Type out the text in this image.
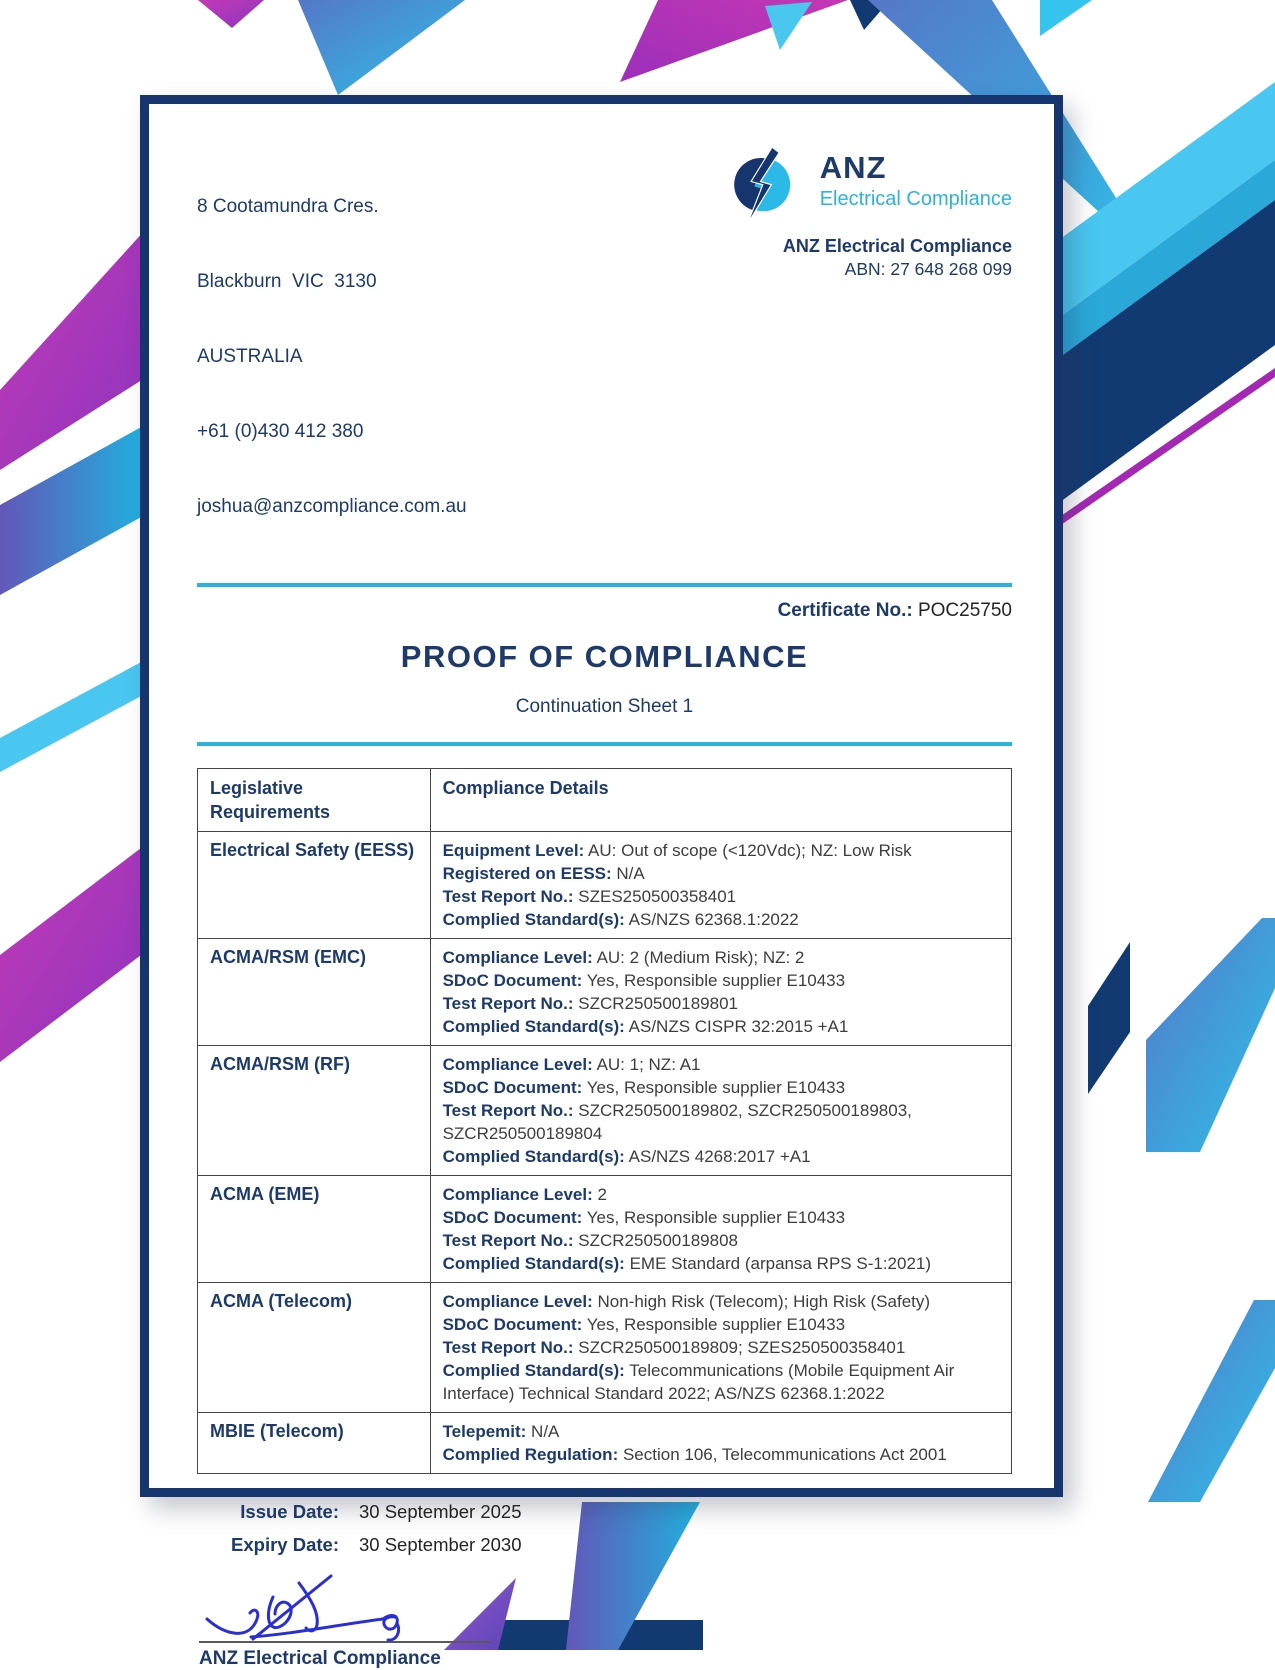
8 Cootamundra Cres.

Blackburn  VIC  3130

AUSTRALIA

+61 (0)430 412 380

joshua@anzcompliance.com.au

ANZ
Electrical Compliance
ANZ Electrical Compliance
ABN: 27 648 268 099
Certificate No.: POC25750
PROOF OF COMPLIANCE
Continuation Sheet 1
Legislative Requirements	Compliance Details
Electrical Safety (EESS)	Equipment Level: AU: Out of scope (<120Vdc); NZ: Low Risk
Registered on EESS: N/A
Test Report No.: SZES250500358401
Complied Standard(s): AS/NZS 62368.1:2022

ACMA/RSM (EMC)	Compliance Level: AU: 2 (Medium Risk); NZ: 2
SDoC Document: Yes, Responsible supplier E10433
Test Report No.: SZCR250500189801
Complied Standard(s): AS/NZS CISPR 32:2015 +A1

ACMA/RSM (RF)	Compliance Level: AU: 1; NZ: A1
SDoC Document: Yes, Responsible supplier E10433
Test Report No.: SZCR250500189802, SZCR250500189803, SZCR250500189804
Complied Standard(s): AS/NZS 4268:2017 +A1

ACMA (EME)	Compliance Level: 2
SDoC Document: Yes, Responsible supplier E10433
Test Report No.: SZCR250500189808
Complied Standard(s): EME Standard (arpansa RPS S-1:2021)

ACMA (Telecom)	Compliance Level: Non-high Risk (Telecom); High Risk (Safety)
SDoC Document: Yes, Responsible supplier E10433
Test Report No.: SZCR250500189809; SZES250500358401
Complied Standard(s): Telecommunications (Mobile Equipment Air Interface) Technical Standard 2022; AS/NZS 62368.1:2022

MBIE (Telecom)	Telepemit: N/A
Complied Regulation: Section 106, Telecommunications Act 2001
Issue Date: 30 September 2025
Expiry Date: 30 September 2030
ANZ Electrical Compliance
